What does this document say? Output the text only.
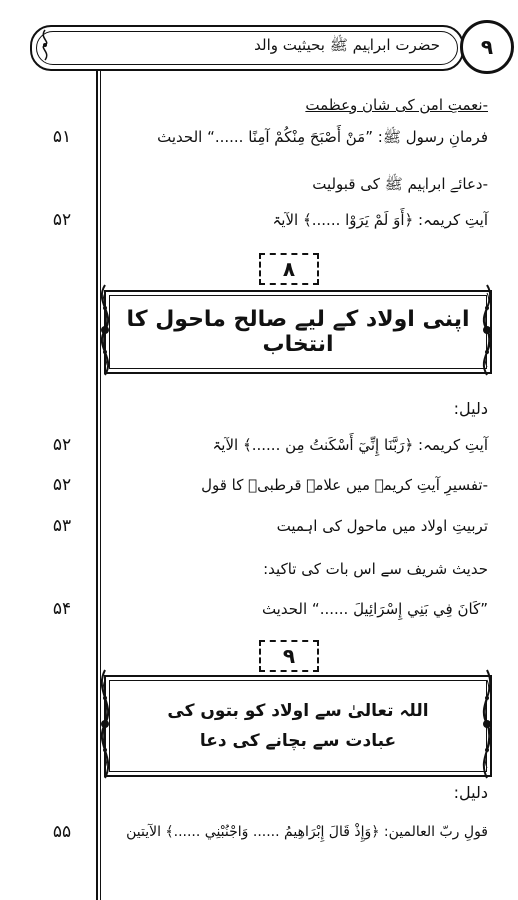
حضرت ابراہیم ﷺ بحیثیت والد ۹
-نعمتِ امن کی شان وعظمت
فرمانِ رسول ﷺ: ”مَنْ أَصْبَحَ مِنْكُمْ آمِنًا ......“ الحدیث
۵۱
-دعائے ابراہیم ﷺ کی قبولیت
آیتِ کریمہ: ﴿أَوَ لَمْ يَرَوْا ......﴾ الآیۃ
۵۲
۸
اپنی اولاد کے لیے صالح ماحول کا انتخاب
دلیل:
آیتِ کریمہ: ﴿رَبَّنَا إِنِّيٓ أَسْكَنتُ مِن ......﴾ الآیۃ
۵۲
-تفسیرِ آیتِ کریمہ میں علامہ قرطبیؒ کا قول
۵۲
تربیتِ اولاد میں ماحول کی اہمیت
۵۳
حدیث شریف سے اس بات کی تاکید:
”كَانَ فِي بَنِي إِسْرَائِيلَ ......“ الحدیث
۵۴
۹
اللہ تعالیٰ سے اولاد کو بتوں کی
عبادت سے بچانے کی دعا
دلیل:
قولِ ربّ العالمین: ﴿وَإِذْ قَالَ إِبْرَاهِيمُ ...... وَاجْنُبْنِي ......﴾ الآیتین
۵۵
